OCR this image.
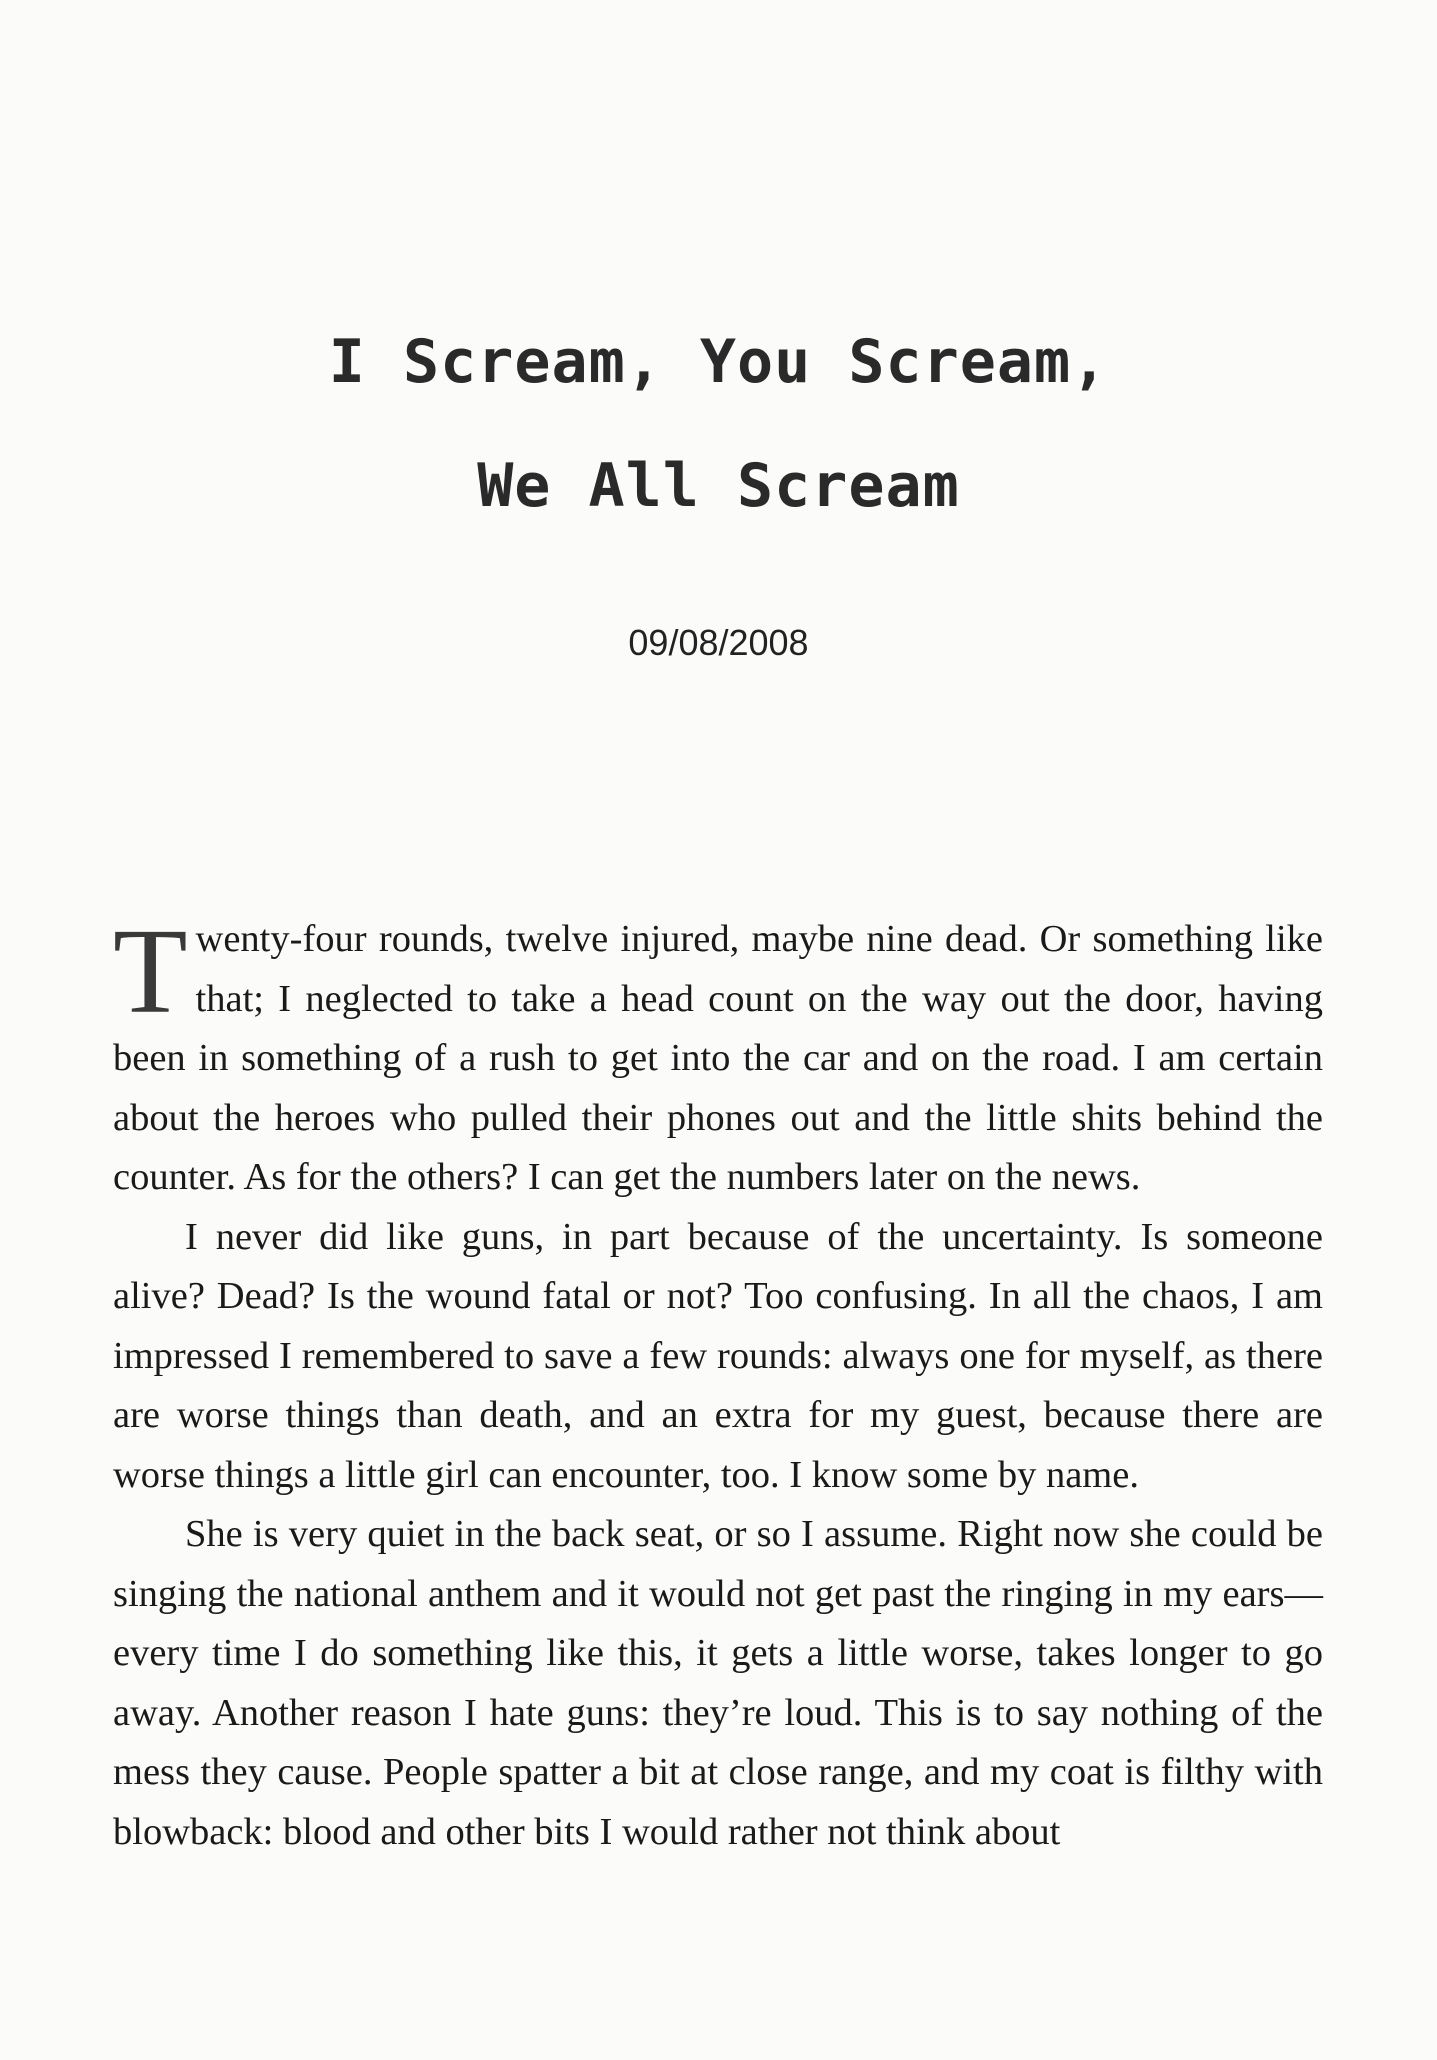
I Scream, You Scream,
We All Scream
09/08/2008

Twenty-four rounds, twelve injured, maybe nine dead. Or something like that; I neglected to take a head count on the way out the door, having been in something of a rush to get into the car and on the road. I am certain about the heroes who pulled their phones out and the little shits behind the counter. As for the others? I can get the numbers later on the news.

I never did like guns, in part because of the uncertainty. Is someone alive? Dead? Is the wound fatal or not? Too confusing. In all the chaos, I am impressed I remembered to save a few rounds: always one for myself, as there are worse things than death, and an extra for my guest, because there are worse things a little girl can encounter, too. I know some by name.

She is very quiet in the back seat, or so I assume. Right now she could be singing the national anthem and it would not get past the ringing in my ears—every time I do something like this, it gets a little worse, takes longer to go away. Another reason I hate guns: they’re loud. This is to say nothing of the mess they cause. People spatter a bit at close range, and my coat is filthy with blowback: blood and other bits I would rather not think about
